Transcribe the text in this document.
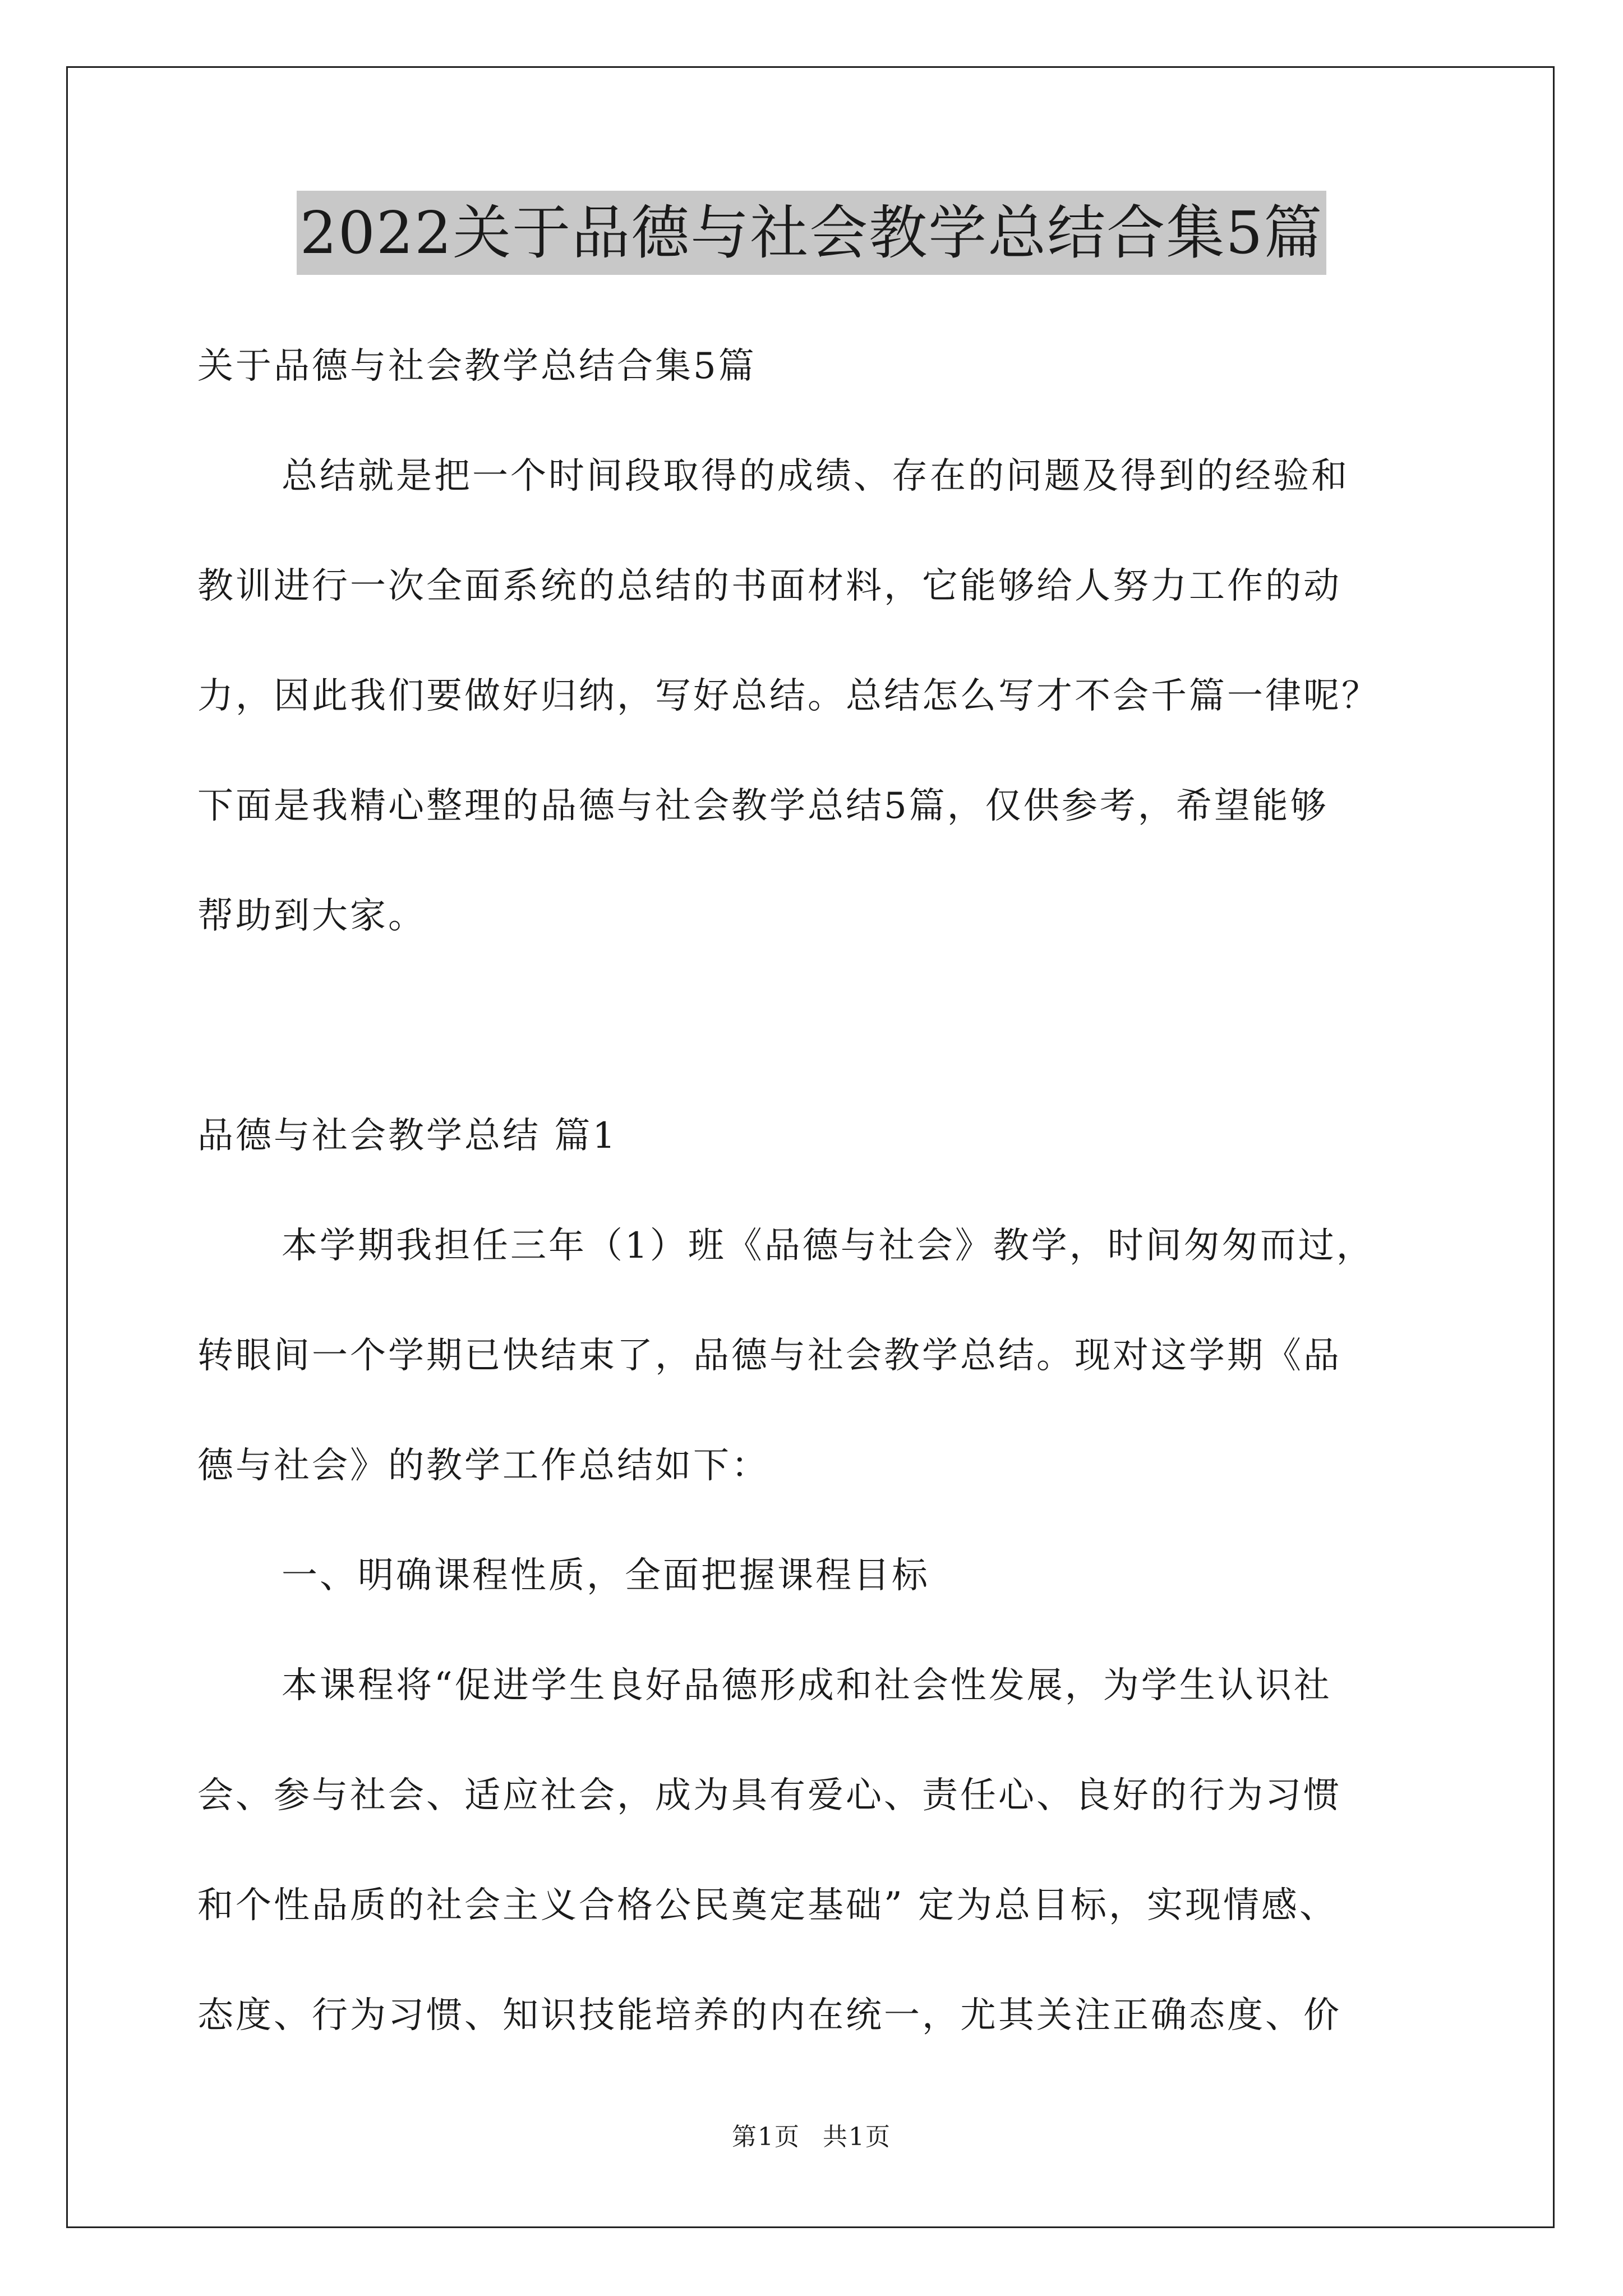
2022关于品德与社会教学总结合集5篇
关于品德与社会教学总结合集5篇
总结就是把一个时间段取得的成绩、存在的问题及得到的经验和
教训进行一次全面系统的总结的书面材料，它能够给人努力工作的动
力，因此我们要做好归纳，写好总结。总结怎么写才不会千篇一律呢？
下面是我精心整理的品德与社会教学总结5篇，仅供参考，希望能够
帮助到大家。
品德与社会教学总结 篇1
本学期我担任三年（1）班《品德与社会》教学，时间匆匆而过，
转眼间一个学期已快结束了，品德与社会教学总结。现对这学期《品
德与社会》的教学工作总结如下：
一、明确课程性质，全面把握课程目标
本课程将“促进学生良好品德形成和社会性发展，为学生认识社
会、参与社会、适应社会，成为具有爱心、责任心、良好的行为习惯
和个性品质的社会主义合格公民奠定基础” 定为总目标，实现情感、
态度、行为习惯、知识技能培养的内在统一，尤其关注正确态度、价
第1页 共1页
